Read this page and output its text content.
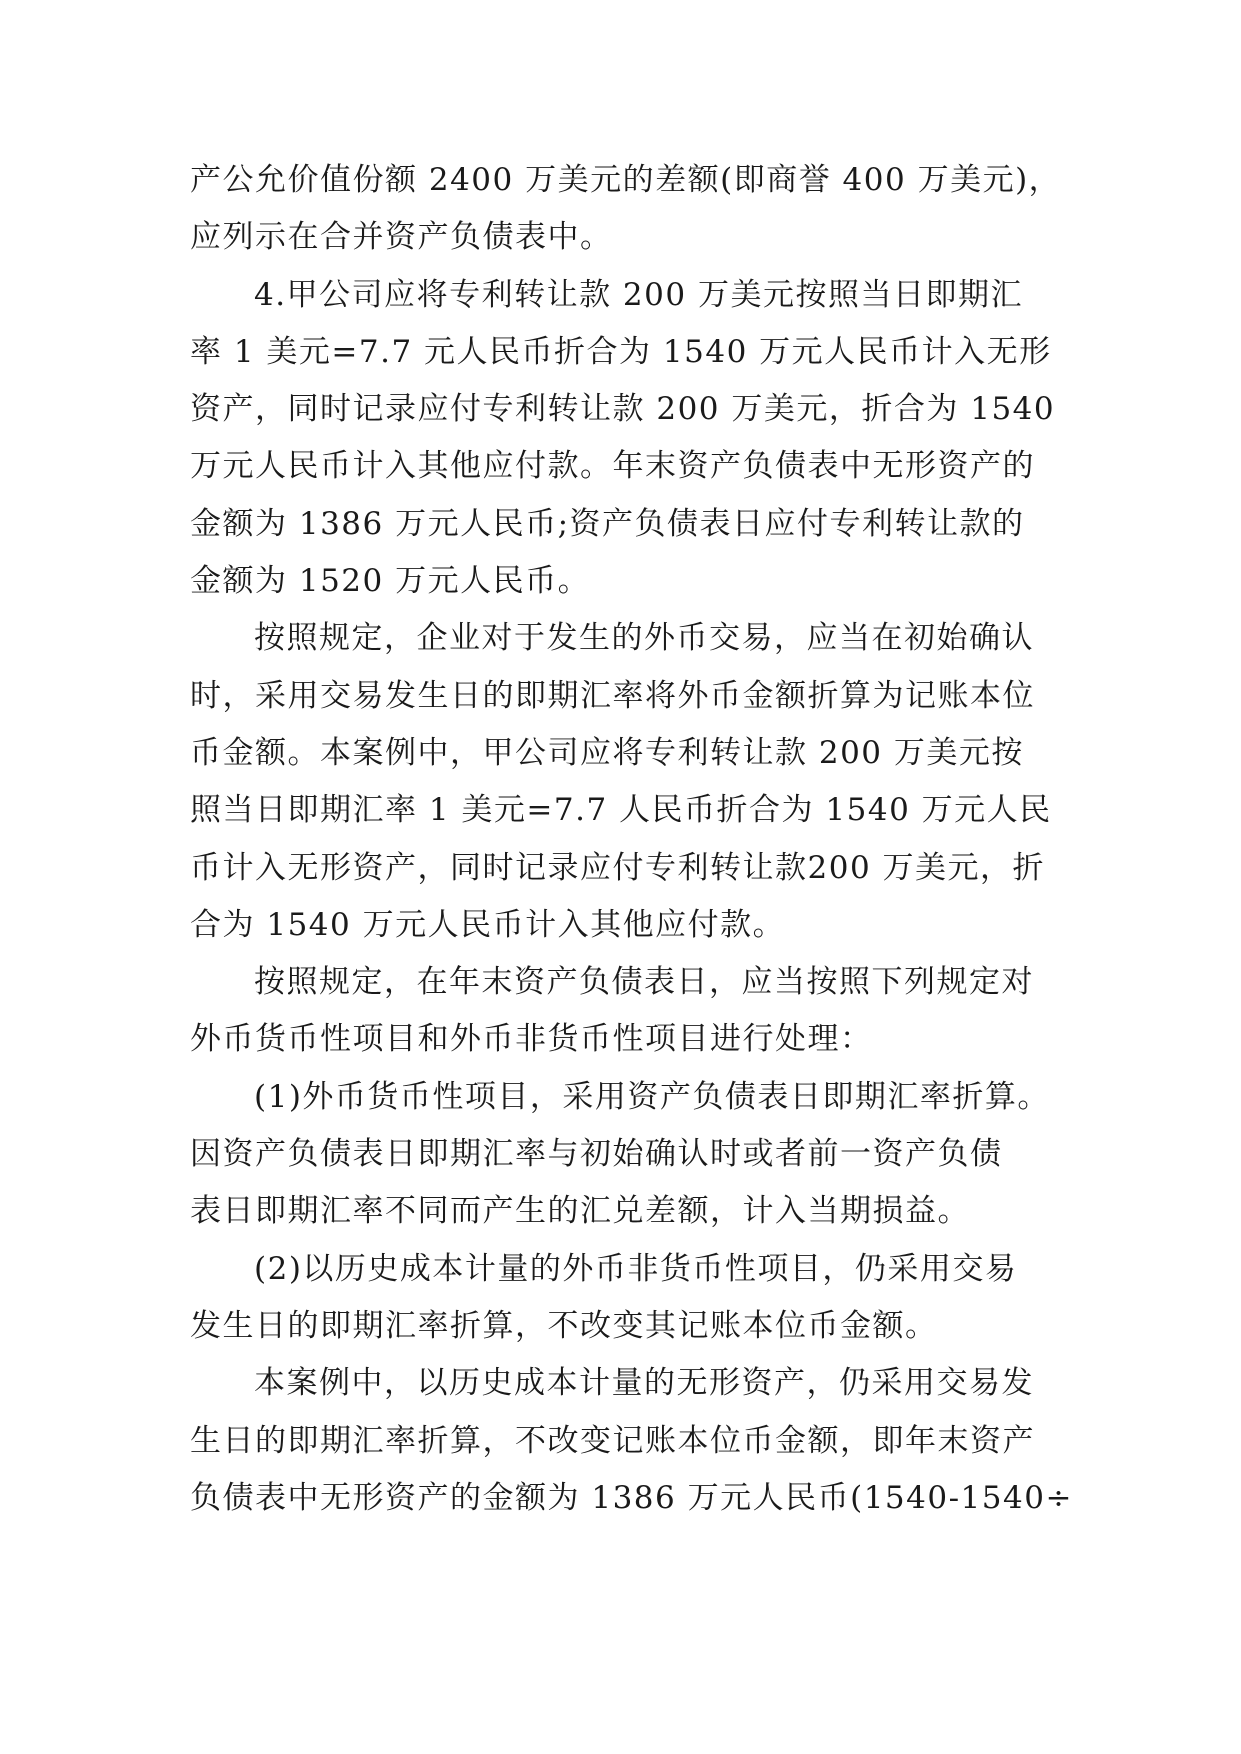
产公允价值份额 2400 万美元的差额(即商誉 400 万美元)，
应列示在合并资产负债表中。
4.甲公司应将专利转让款 200 万美元按照当日即期汇
率 1 美元=7.7 元人民币折合为 1540 万元人民币计入无形
资产，同时记录应付专利转让款 200 万美元，折合为 1540
万元人民币计入其他应付款。年末资产负债表中无形资产的
金额为 1386 万元人民币;资产负债表日应付专利转让款的
金额为 1520 万元人民币。
按照规定，企业对于发生的外币交易，应当在初始确认
时，采用交易发生日的即期汇率将外币金额折算为记账本位
币金额。本案例中，甲公司应将专利转让款 200 万美元按
照当日即期汇率 1 美元=7.7 人民币折合为 1540 万元人民
币计入无形资产，同时记录应付专利转让款200 万美元，折
合为 1540 万元人民币计入其他应付款。
按照规定，在年末资产负债表日，应当按照下列规定对
外币货币性项目和外币非货币性项目进行处理：
(1)外币货币性项目，采用资产负债表日即期汇率折算。
因资产负债表日即期汇率与初始确认时或者前一资产负债
表日即期汇率不同而产生的汇兑差额，计入当期损益。
(2)以历史成本计量的外币非货币性项目，仍采用交易
发生日的即期汇率折算，不改变其记账本位币金额。
本案例中，以历史成本计量的无形资产，仍采用交易发
生日的即期汇率折算，不改变记账本位币金额，即年末资产
负债表中无形资产的金额为 1386 万元人民币(1540-1540÷
